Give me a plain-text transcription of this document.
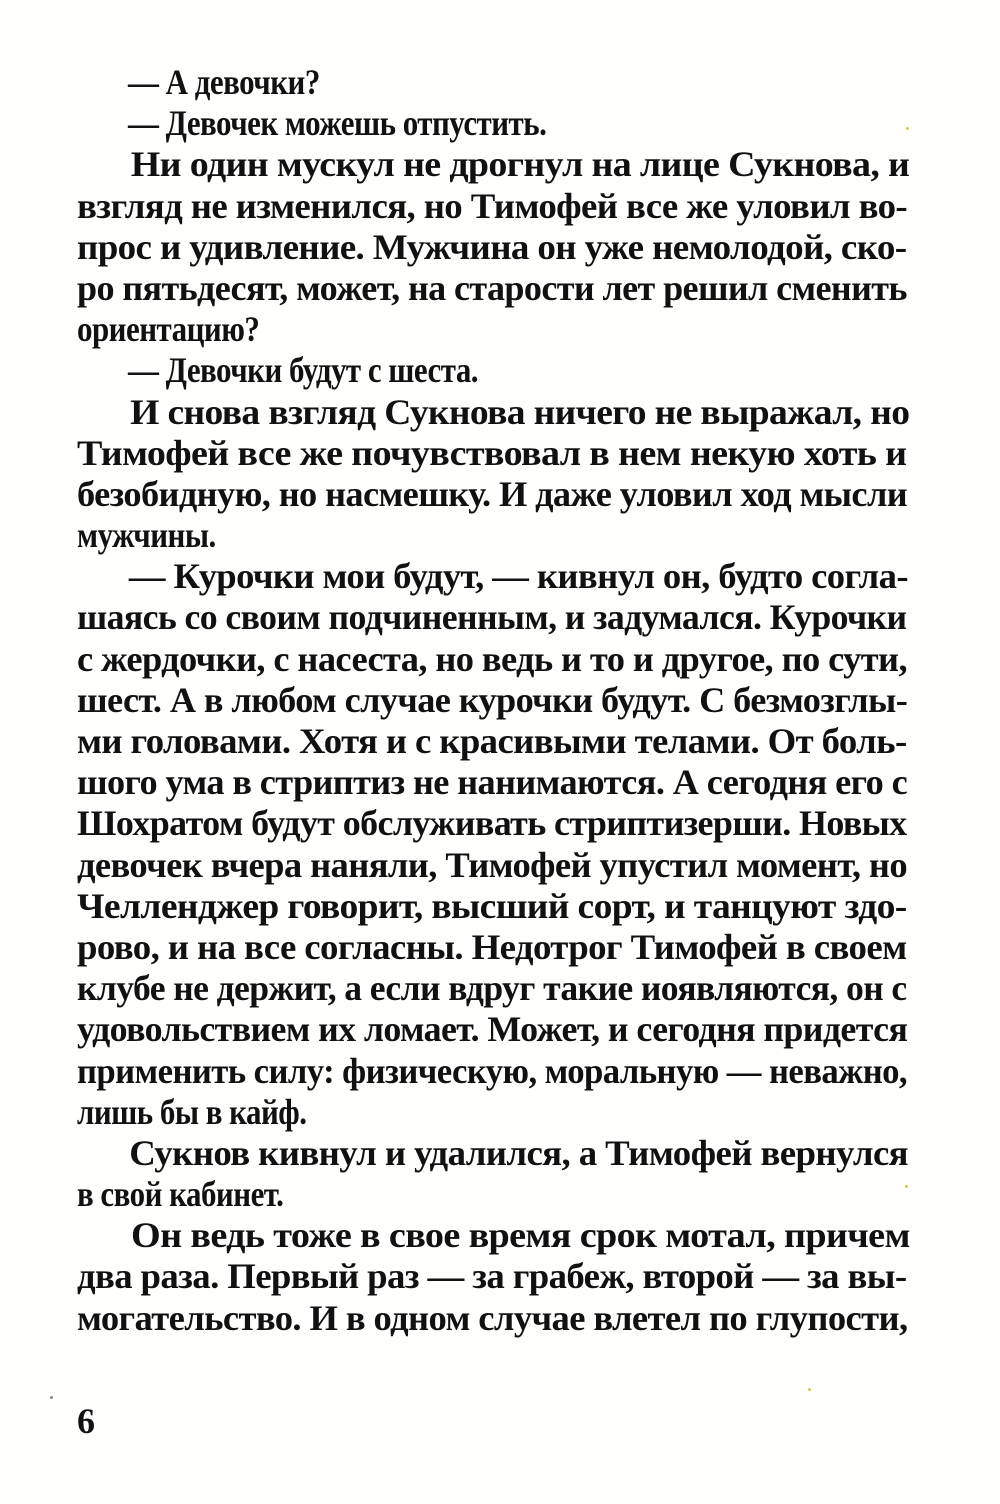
— А девочки?
— Девочек можешь отпустить.
Ни один мускул не дрогнул на лице Сукнова, и
взгляд не изменился, но Тимофей все же уловил во-
прос и удивление. Мужчина он уже немолодой, ско-
ро пятьдесят, может, на старости лет решил сменить
ориентацию?
— Девочки будут с шеста.
И снова взгляд Сукнова ничего не выражал, но
Тимофей все же почувствовал в нем некую хоть и
безобидную, но насмешку. И даже уловил ход мысли
мужчины.
— Курочки мои будут, — кивнул он, будто согла-
шаясь со своим подчиненным, и задумался. Курочки
с жердочки, с насеста, но ведь и то и другое, по сути,
шест. А в любом случае курочки будут. С безмозглы-
ми головами. Хотя и с красивыми телами. От боль-
шого ума в стриптиз не нанимаются. А сегодня его с
Шохратом будут обслуживать стриптизерши. Новых
девочек вчера наняли, Тимофей упустил момент, но
Челленджер говорит, высший сорт, и танцуют здо-
рово, и на все согласны. Недотрог Тимофей в своем
клубе не держит, а если вдруг такие иоявляются, он с
удовольствием их ломает. Может, и сегодня придется
применить силу: физическую, моральную — неважно,
лишь бы в кайф.
Сукнов кивнул и удалился, а Тимофей вернулся
в свой кабинет.
Он ведь тоже в свое время срок мотал, причем
два раза. Первый раз — за грабеж, второй — за вы-
могательство. И в одном случае влетел по глупости,
6
